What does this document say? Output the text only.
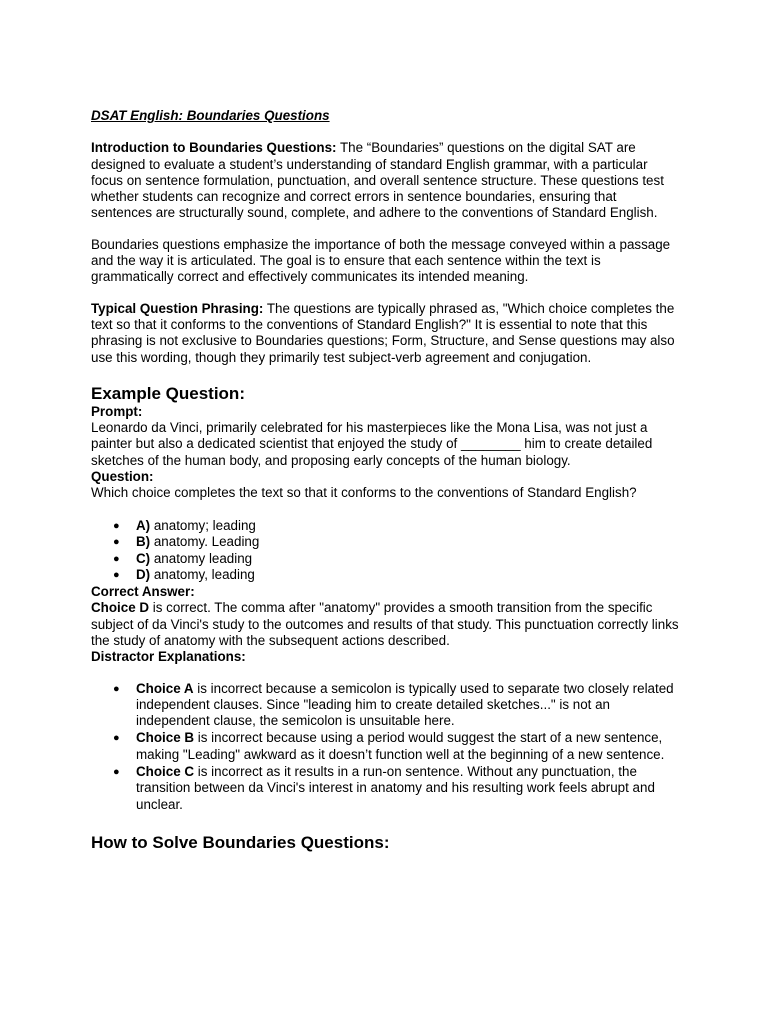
DSAT English: Boundaries Questions

Introduction to Boundaries Questions: The “Boundaries” questions on the digital SAT are designed to evaluate a student’s understanding of standard English grammar, with a particular focus on sentence formulation, punctuation, and overall sentence structure. These questions test whether students can recognize and correct errors in sentence boundaries, ensuring that sentences are structurally sound, complete, and adhere to the conventions of Standard English.

Boundaries questions emphasize the importance of both the message conveyed within a passage and the way it is articulated. The goal is to ensure that each sentence within the text is grammatically correct and effectively communicates its intended meaning.

Typical Question Phrasing: The questions are typically phrased as, "Which choice completes the text so that it conforms to the conventions of Standard English?" It is essential to note that this phrasing is not exclusive to Boundaries questions; Form, Structure, and Sense questions may also use this wording, though they primarily test subject-verb agreement and conjugation.

Example Question:

Prompt:

Leonardo da Vinci, primarily celebrated for his masterpieces like the Mona Lisa, was not just a painter but also a dedicated scientist that enjoyed the study of ________ him to create detailed sketches of the human body, and proposing early concepts of the human biology.

Question:

Which choice completes the text so that it conforms to the conventions of Standard English?

● A) anatomy; leading
● B) anatomy. Leading
● C) anatomy leading
● D) anatomy, leading

Correct Answer:

Choice D is correct. The comma after "anatomy" provides a smooth transition from the specific subject of da Vinci's study to the outcomes and results of that study. This punctuation correctly links the study of anatomy with the subsequent actions described.

Distractor Explanations:

● Choice A is incorrect because a semicolon is typically used to separate two closely related independent clauses. Since "leading him to create detailed sketches..." is not an independent clause, the semicolon is unsuitable here.
● Choice B is incorrect because using a period would suggest the start of a new sentence, making "Leading" awkward as it doesn’t function well at the beginning of a new sentence.
● Choice C is incorrect as it results in a run-on sentence. Without any punctuation, the transition between da Vinci's interest in anatomy and his resulting work feels abrupt and unclear.
How to Solve Boundaries Questions:
